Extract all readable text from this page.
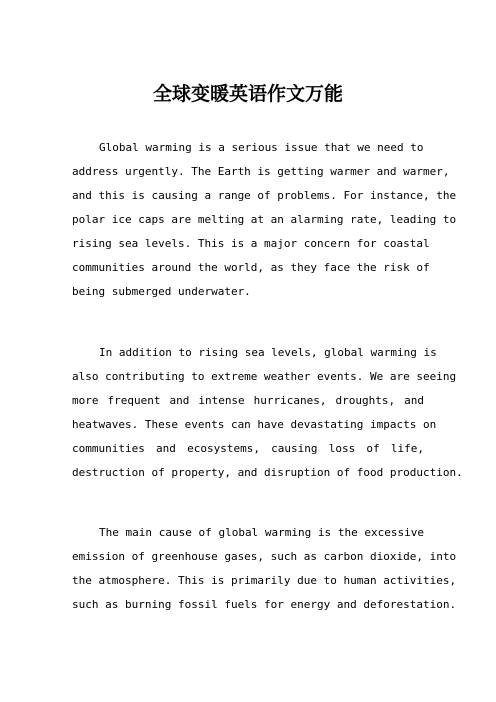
全球变暖英语作文万能
Global warming is a serious issue that we need to
address urgently. The Earth is getting warmer and warmer,
and this is causing a range of problems. For instance, the
polar ice caps are melting at an alarming rate, leading to
rising sea levels. This is a major concern for coastal
communities around the world, as they face the risk of
being submerged underwater.
In addition to rising sea levels, global warming is
also contributing to extreme weather events. We are seeing
more frequent and intense hurricanes, droughts, and
heatwaves. These events can have devastating impacts on
communities and ecosystems, causing loss of life,
destruction of property, and disruption of food production.
The main cause of global warming is the excessive
emission of greenhouse gases, such as carbon dioxide, into
the atmosphere. This is primarily due to human activities,
such as burning fossil fuels for energy and deforestation.
